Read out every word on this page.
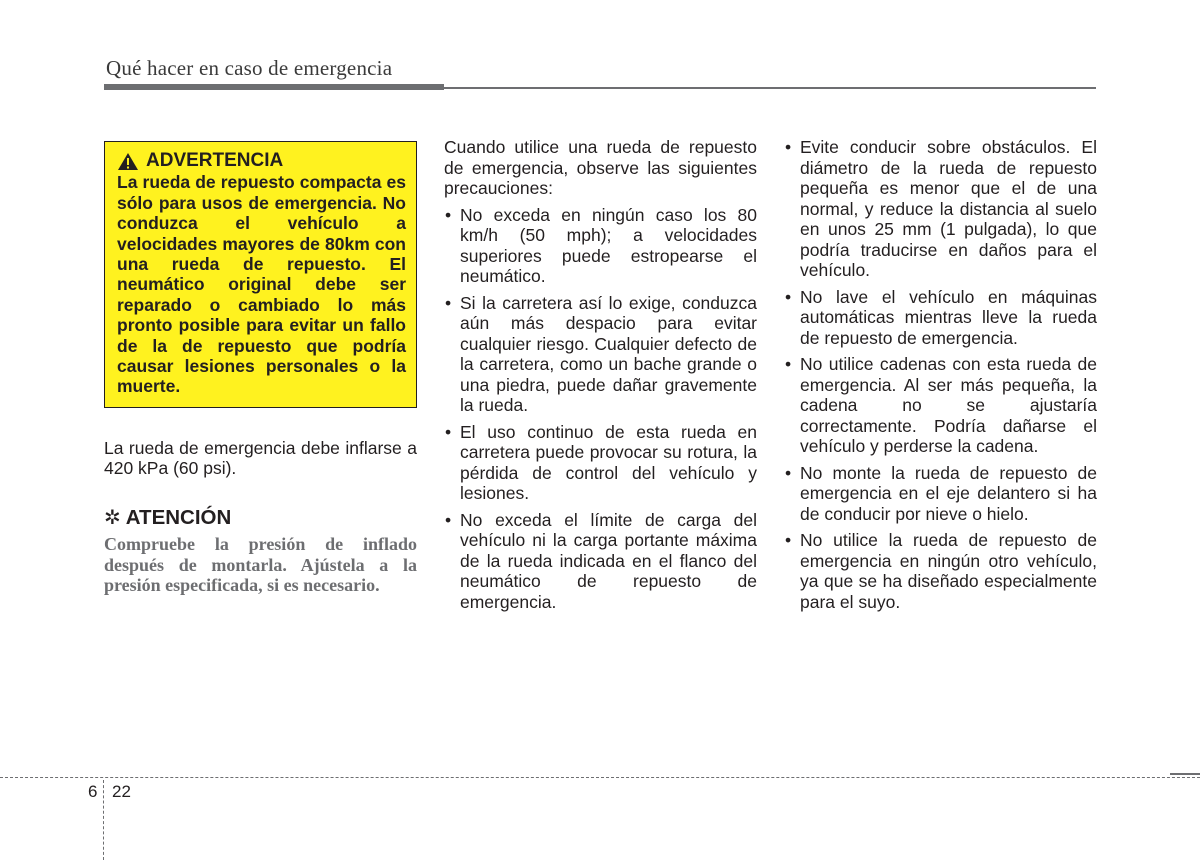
Qué hacer en caso de emergencia
ADVERTENCIA
La rueda de repuesto compacta es sólo para usos de emergencia. No conduzca el vehículo a velocidades mayores de 80km con una rueda de repuesto. El neumático original debe ser reparado o cambiado lo más pronto posible para evitar un fallo de la de repuesto que podría causar lesiones personales o la muerte.
La rueda de emergencia debe inflarse a 420 kPa (60 psi).
✲ ATENCIÓN
Compruebe la presión de inflado después de montarla. Ajústela a la presión especificada, si es necesario.
Cuando utilice una rueda de repuesto de emergencia, observe las siguientes precauciones:
• No exceda en ningún caso los 80 km/h (50 mph); a velocidades superiores puede estropearse el neumático.
• Si la carretera así lo exige, conduzca aún más despacio para evitar cualquier riesgo. Cualquier defecto de la carretera, como un bache grande o una piedra, puede dañar gravemente la rueda.
• El uso continuo de esta rueda en carretera puede provocar su rotura, la pérdida de control del vehículo y lesiones.
• No exceda el límite de carga del vehículo ni la carga portante máxima de la rueda indicada en el flanco del neumático de repuesto de emergencia.
• Evite conducir sobre obstáculos. El diámetro de la rueda de repuesto pequeña es menor que el de una normal, y reduce la distancia al suelo en unos 25 mm (1 pulgada), lo que podría traducirse en daños para el vehículo.
• No lave el vehículo en máquinas automáticas mientras lleve la rueda de repuesto de emergencia.
• No utilice cadenas con esta rueda de emergencia. Al ser más pequeña, la cadena no se ajustaría correctamente. Podría dañarse el vehículo y perderse la cadena.
• No monte la rueda de repuesto de emergencia en el eje delantero si ha de conducir por nieve o hielo.
• No utilice la rueda de repuesto de emergencia en ningún otro vehículo, ya que se ha diseñado especialmente para el suyo.
6 22
